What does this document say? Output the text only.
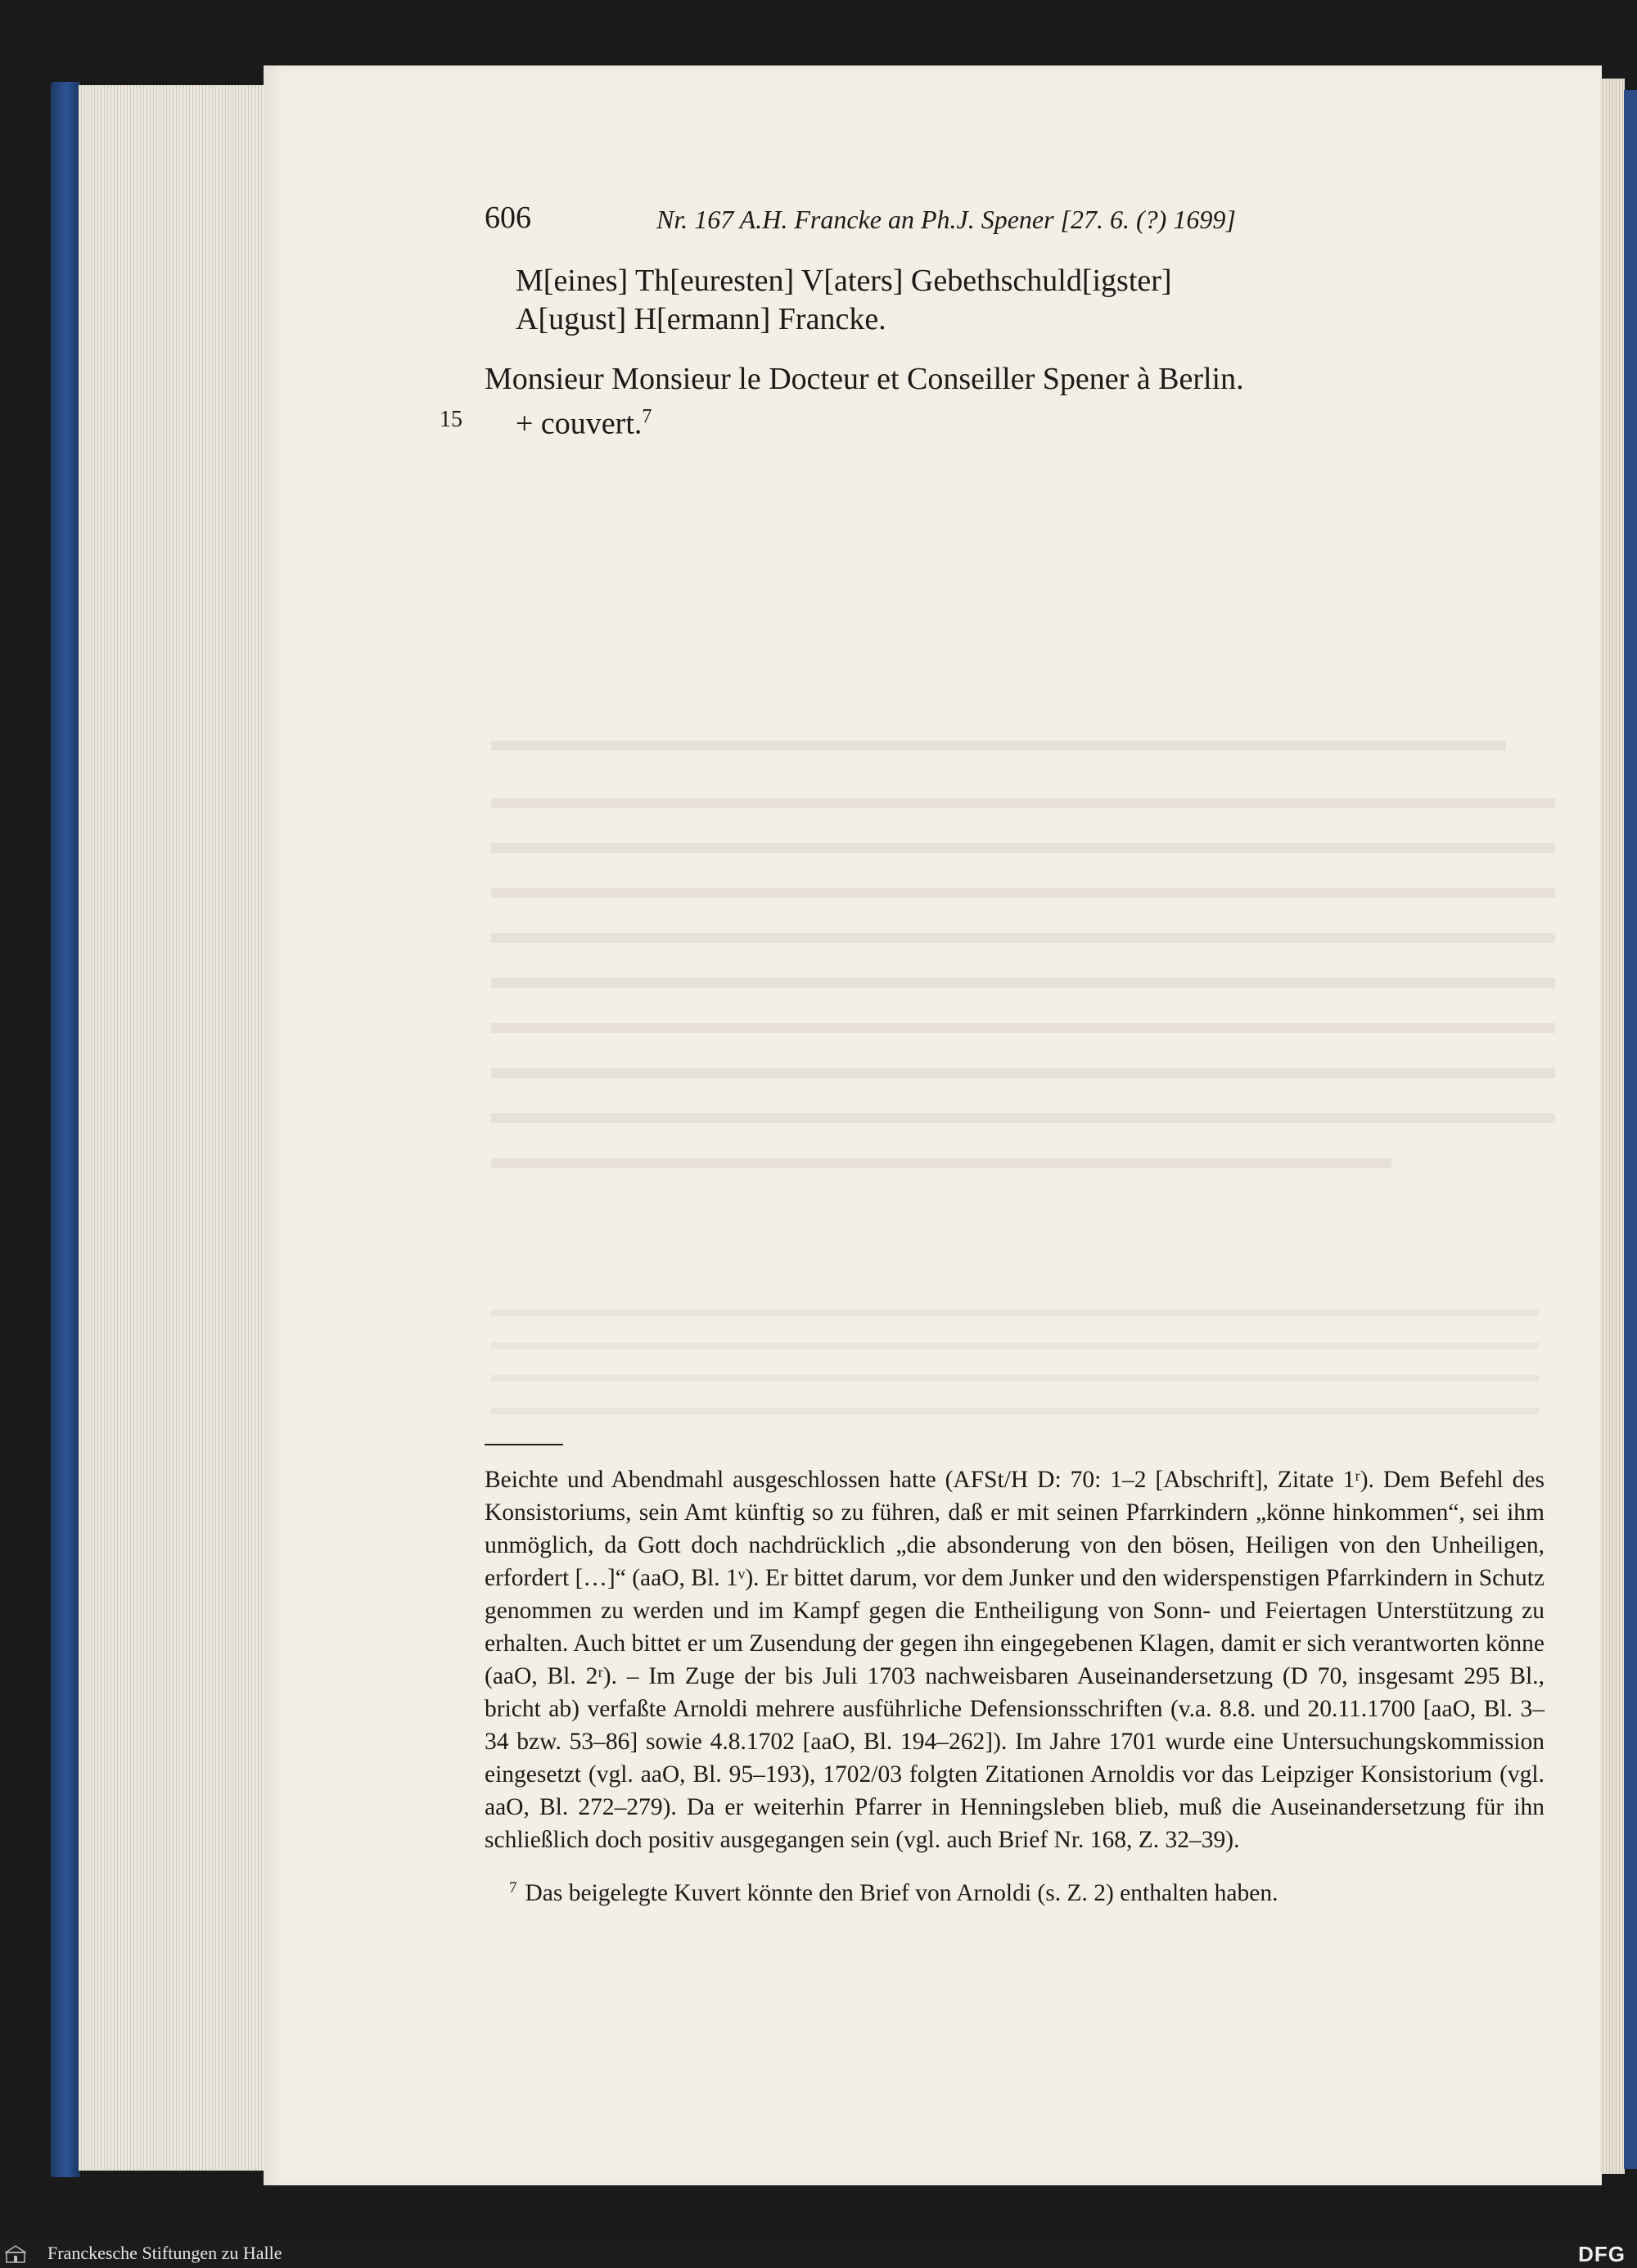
606	Nr. 167 A.H. Francke an Ph.J. Spener [27. 6. (?) 1699]
M[eines] Th[euresten] V[aters] Gebethschuld[igster]
A[ugust] H[ermann] Francke.
Monsieur Monsieur le Docteur et Conseiller Spener à Berlin.
+ couvert.$^7$
15

Beichte und Abendmahl ausgeschlossen hatte (AFSt/H D: 70: 1–2 [Abschrift], Zitate 1ʳ). Dem Befehl des Konsistoriums, sein Amt künftig so zu führen, daß er mit seinen Pfarrkindern „könne hinkommen“, sei ihm unmöglich, da Gott doch nachdrücklich „die absonderung von den bösen, Heiligen von den Unheiligen, erfordert […]“ (aaO, Bl. 1ᵛ). Er bittet darum, vor dem Junker und den widerspenstigen Pfarrkindern in Schutz genommen zu werden und im Kampf gegen die Entheiligung von Sonn- und Feiertagen Unterstützung zu erhalten. Auch bittet er um Zusendung der gegen ihn eingegebenen Klagen, damit er sich verantworten könne (aaO, Bl. 2ʳ). – Im Zuge der bis Juli 1703 nachweisbaren Auseinandersetzung (D 70, insgesamt 295 Bl., bricht ab) verfaßte Arnoldi mehrere ausführliche Defensionsschriften (v.a. 8.8. und 20.11.1700 [aaO, Bl. 3–34 bzw. 53–86] sowie 4.8.1702 [aaO, Bl. 194–262]). Im Jahre 1701 wurde eine Untersuchungskommission eingesetzt (vgl. aaO, Bl. 95–193), 1702/03 folgten Zitationen Arnoldis vor das Leipziger Konsistorium (vgl. aaO, Bl. 272–279). Da er weiterhin Pfarrer in Henningsleben blieb, muß die Auseinandersetzung für ihn schließlich doch positiv ausgegangen sein (vgl. auch Brief Nr. 168, Z. 32–39).

$^7$ Das beigelegte Kuvert könnte den Brief von Arnoldi (s. Z. 2) enthalten haben.
Franckesche Stiftungen zu Halle	DFG
